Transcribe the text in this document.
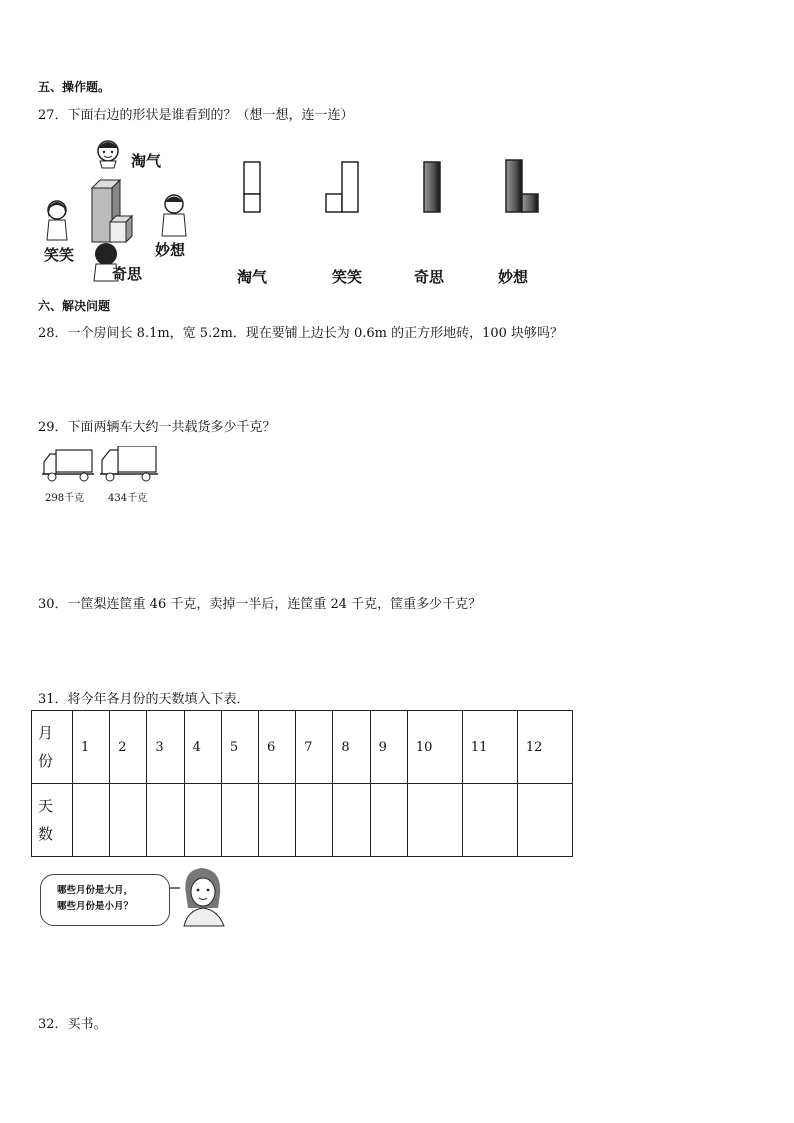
五、操作题。
27．下面右边的形状是谁看到的？（想一想，连一连）
淘气
笑笑	妙想
奇思	淘气	笑笑	奇思	妙想
六、解决问题
28．一个房间长 8.1m，宽 5.2m．现在要铺上边长为 0.6m 的正方形地砖，100 块够吗？
29．下面两辆车大约一共载货多少千克？
298千克 434千克
30．一筐梨连筐重 46 千克，卖掉一半后，连筐重 24 千克，筐重多少千克？
31．将今年各月份的天数填入下表．
月
份	1	2	3	4	5	6	7	8	9	10	11	12
天
数												
哪些月份是大月，
哪些月份是小月？
32．买书。
